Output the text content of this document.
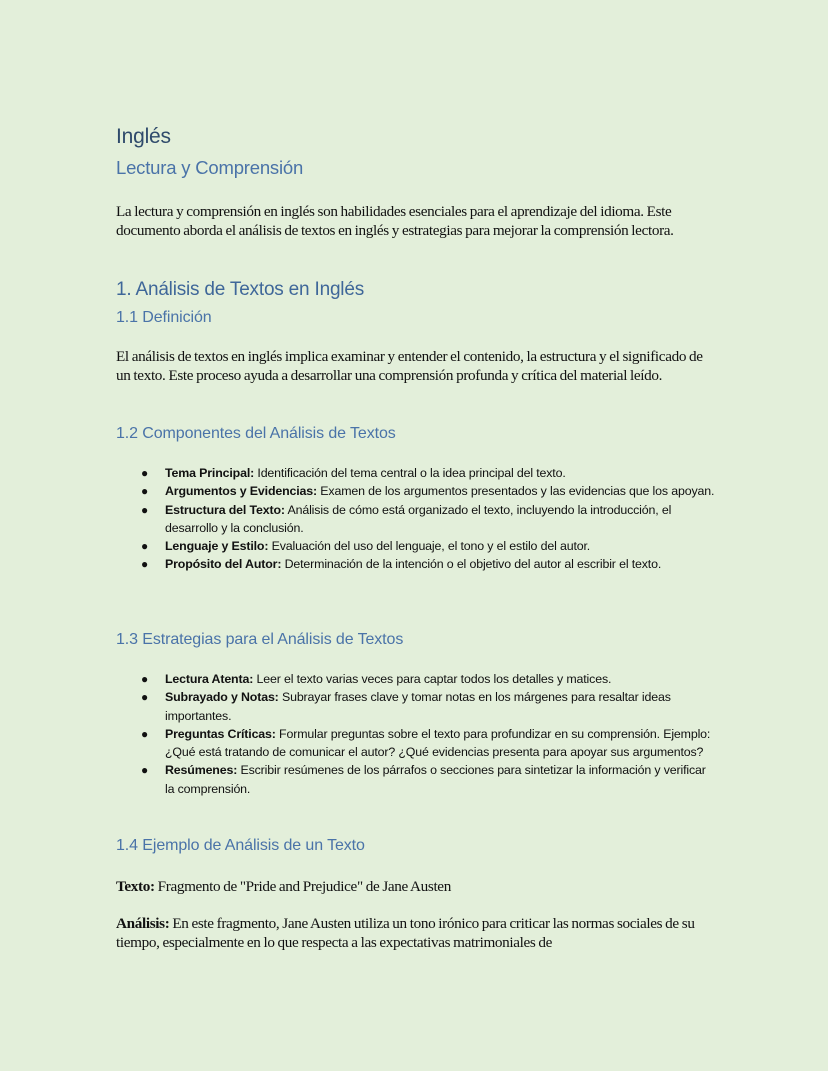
Inglés
Lectura y Comprensión

La lectura y comprensión en inglés son habilidades esenciales para el aprendizaje del idioma. Este documento aborda el análisis de textos en inglés y estrategias para mejorar la comprensión lectora.

1. Análisis de Textos en Inglés
1.1 Definición

El análisis de textos en inglés implica examinar y entender el contenido, la estructura y el significado de un texto. Este proceso ayuda a desarrollar una comprensión profunda y crítica del material leído.

1.2 Componentes del Análisis de Textos
● Tema Principal: Identificación del tema central o la idea principal del texto.
● Argumentos y Evidencias: Examen de los argumentos presentados y las evidencias que los apoyan.
● Estructura del Texto: Análisis de cómo está organizado el texto, incluyendo la introducción, el desarrollo y la conclusión.
● Lenguaje y Estilo: Evaluación del uso del lenguaje, el tono y el estilo del autor.
● Propósito del Autor: Determinación de la intención o el objetivo del autor al escribir el texto.
1.3 Estrategias para el Análisis de Textos
● Lectura Atenta: Leer el texto varias veces para captar todos los detalles y matices.
● Subrayado y Notas: Subrayar frases clave y tomar notas en los márgenes para resaltar ideas importantes.
● Preguntas Críticas: Formular preguntas sobre el texto para profundizar en su comprensión. Ejemplo: ¿Qué está tratando de comunicar el autor? ¿Qué evidencias presenta para apoyar sus argumentos?
● Resúmenes: Escribir resúmenes de los párrafos o secciones para sintetizar la información y verificar la comprensión.
1.4 Ejemplo de Análisis de un Texto

Texto: Fragmento de "Pride and Prejudice" de Jane Austen

Análisis: En este fragmento, Jane Austen utiliza un tono irónico para criticar las normas sociales de su tiempo, especialmente en lo que respecta a las expectativas matrimoniales de
